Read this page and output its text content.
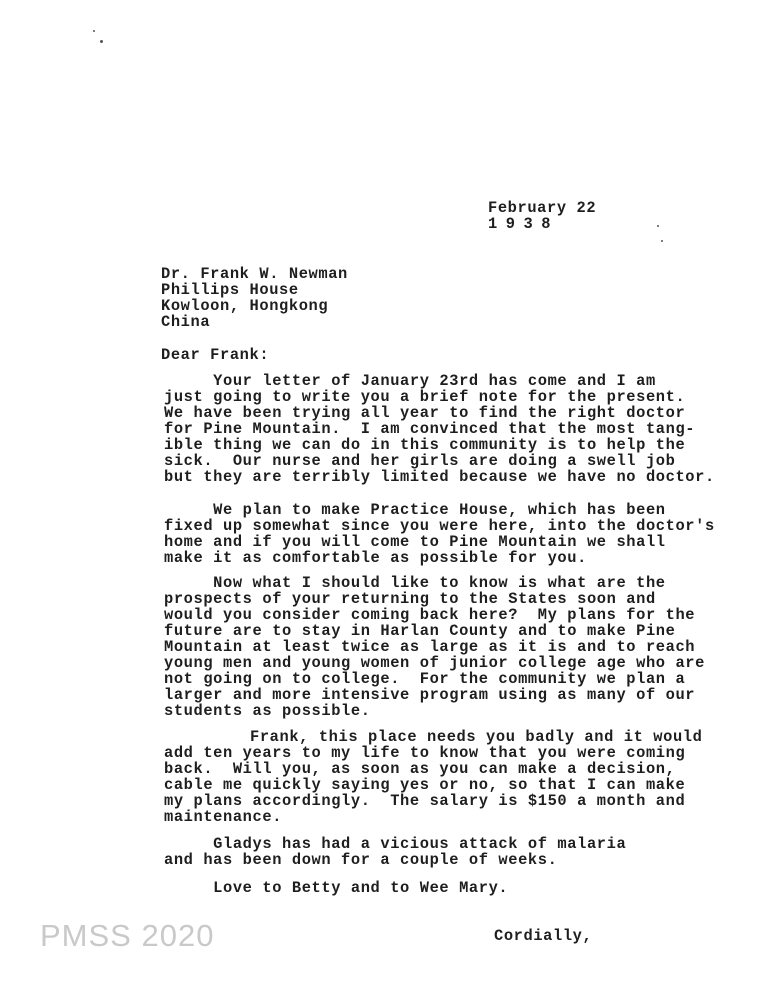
February 22

1938

Dr. Frank W. Newman

Phillips House

Kowloon, Hongkong

China

Dear Frank:

Your letter of January 23rd has come and I am

just going to write you a brief note for the present.

We have been trying all year to find the right doctor

for Pine Mountain.  I am convinced that the most tang-

ible thing we can do in this community is to help the

sick.  Our nurse and her girls are doing a swell job

but they are terribly limited because we have no doctor.

We plan to make Practice House, which has been

fixed up somewhat since you were here, into the doctor's

home and if you will come to Pine Mountain we shall

make it as comfortable as possible for you.

Now what I should like to know is what are the

prospects of your returning to the States soon and

would you consider coming back here?  My plans for the

future are to stay in Harlan County and to make Pine

Mountain at least twice as large as it is and to reach

young men and young women of junior college age who are

not going on to college.  For the community we plan a

larger and more intensive program using as many of our

students as possible.

Frank, this place needs you badly and it would

add ten years to my life to know that you were coming

back.  Will you, as soon as you can make a decision,

cable me quickly saying yes or no, so that I can make

my plans accordingly.  The salary is $150 a month and

maintenance.

Gladys has had a vicious attack of malaria

and has been down for a couple of weeks.

Love to Betty and to Wee Mary.

Cordially,

PMSS 2020
